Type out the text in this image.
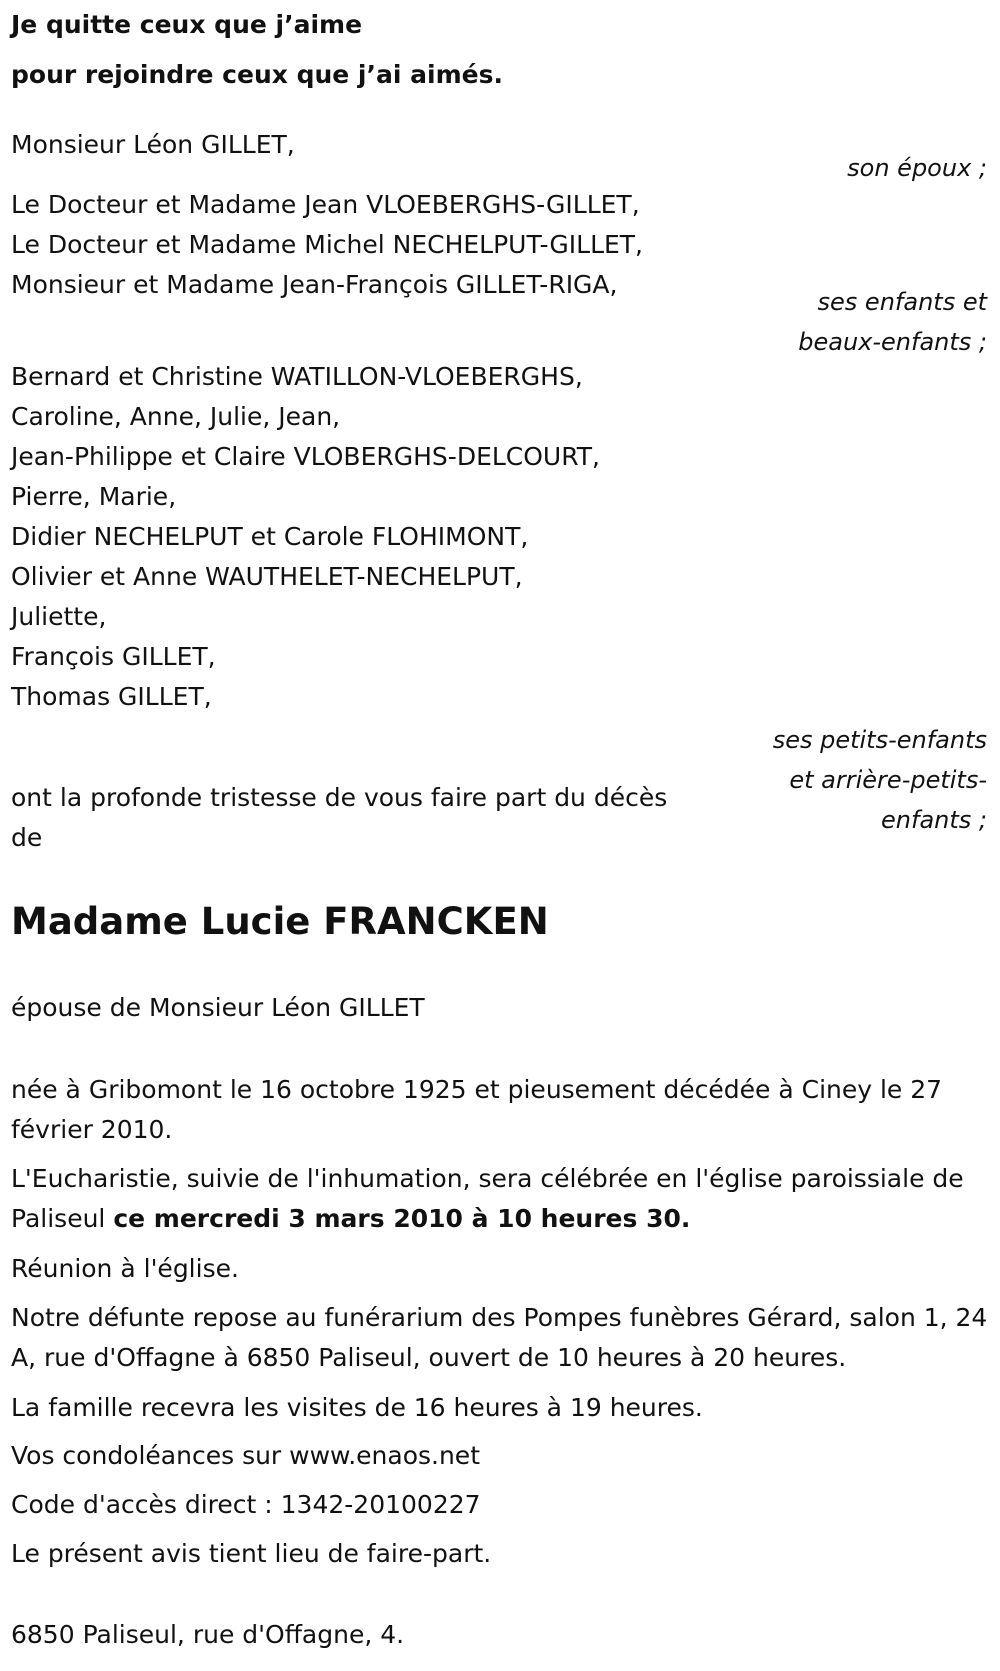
Je quitte ceux que j’aime
pour rejoindre ceux que j’ai aimés.
Monsieur Léon GILLET,
son époux ;
Le Docteur et Madame Jean VLOEBERGHS-GILLET,
Le Docteur et Madame Michel NECHELPUT-GILLET,
Monsieur et Madame Jean-François GILLET-RIGA,
ses enfants et
beaux-enfants ;
Bernard et Christine WATILLON-VLOEBERGHS,
Caroline, Anne, Julie, Jean,
Jean-Philippe et Claire VLOBERGHS-DELCOURT,
Pierre, Marie,
Didier NECHELPUT et Carole FLOHIMONT,
Olivier et Anne WAUTHELET-NECHELPUT,
Juliette,
François GILLET,
Thomas GILLET,
ses petits-enfants
et arrière-petits-
enfants ;
ont la profonde tristesse de vous faire part du décès
de
Madame Lucie FRANCKEN
épouse de Monsieur Léon GILLET
née à Gribomont le 16 octobre 1925 et pieusement décédée à Ciney le 27 février 2010.
L'Eucharistie, suivie de l'inhumation, sera célébrée en l'église paroissiale de Paliseul ce mercredi 3 mars 2010 à 10 heures 30.
Réunion à l'église.
Notre défunte repose au funérarium des Pompes funèbres Gérard, salon 1, 24 A, rue d'Offagne à 6850 Paliseul, ouvert de 10 heures à 20 heures.
La famille recevra les visites de 16 heures à 19 heures.
Vos condoléances sur www.enaos.net
Code d'accès direct : 1342-20100227
Le présent avis tient lieu de faire-part.
6850 Paliseul, rue d'Offagne, 4.
